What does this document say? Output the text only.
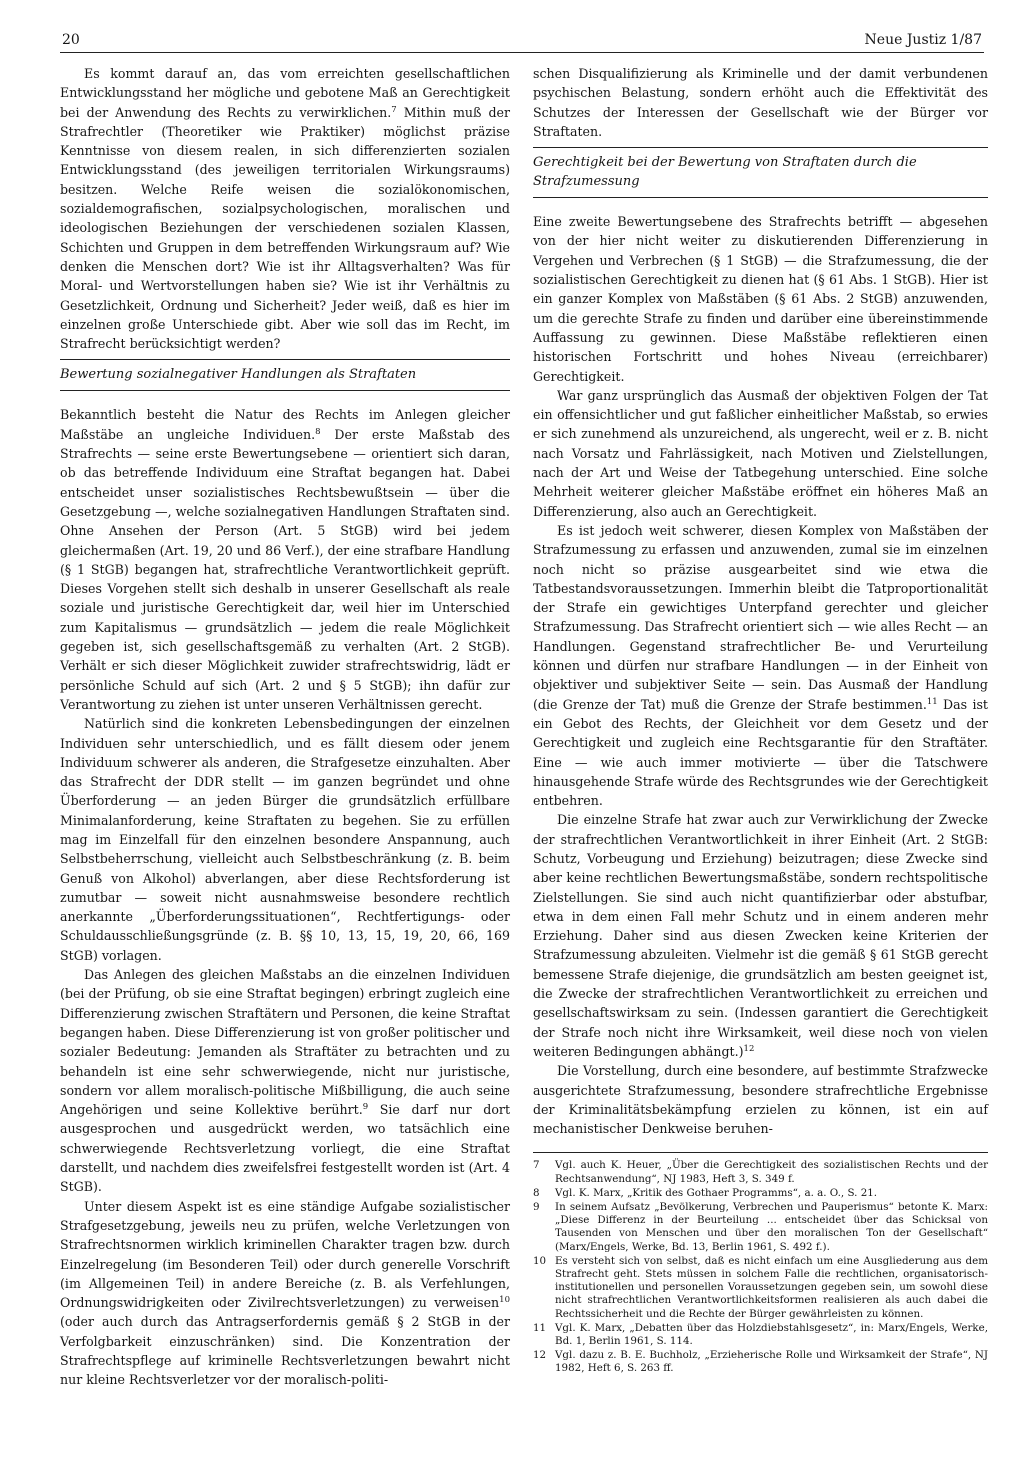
20	Neue Justiz 1/87

Es kommt darauf an, das vom erreichten gesellschaftlichen Entwicklungsstand her mögliche und gebotene Maß an Gerechtigkeit bei der Anwendung des Rechts zu verwirklichen.$^7$ Mithin muß der Strafrechtler (Theoretiker wie Praktiker) möglichst präzise Kenntnisse von diesem realen, in sich differenzierten sozialen Entwicklungsstand (des jeweiligen territorialen Wirkungsraums) besitzen. Welche Reife weisen die sozialökonomischen, sozialdemografischen, sozialpsychologischen, moralischen und ideologischen Beziehungen der verschiedenen sozialen Klassen, Schichten und Gruppen in dem betreffenden Wirkungsraum auf? Wie denken die Menschen dort? Wie ist ihr Alltagsverhalten? Was für Moral- und Wertvorstellungen haben sie? Wie ist ihr Verhältnis zu Gesetzlichkeit, Ordnung und Sicherheit? Jeder weiß, daß es hier im einzelnen große Unterschiede gibt. Aber wie soll das im Recht, im Strafrecht berücksichtigt werden?

Bewertung sozialnegativer Handlungen als Straftaten

Bekanntlich besteht die Natur des Rechts im Anlegen gleicher Maßstäbe an ungleiche Individuen.$^8$ Der erste Maßstab des Strafrechts — seine erste Bewertungsebene — orientiert sich daran, ob das betreffende Individuum eine Straftat begangen hat. Dabei entscheidet unser sozialistisches Rechtsbewußtsein — über die Gesetzgebung —, welche sozialnegativen Handlungen Straftaten sind. Ohne Ansehen der Person (Art. 5 StGB) wird bei jedem gleichermaßen (Art. 19, 20 und 86 Verf.), der eine strafbare Handlung (§ 1 StGB) begangen hat, strafrechtliche Verantwortlichkeit geprüft. Dieses Vorgehen stellt sich deshalb in unserer Gesellschaft als reale soziale und juristische Gerechtigkeit dar, weil hier im Unterschied zum Kapitalismus — grundsätzlich — jedem die reale Möglichkeit gegeben ist, sich gesellschaftsgemäß zu verhalten (Art. 2 StGB). Verhält er sich dieser Möglichkeit zuwider strafrechtswidrig, lädt er persönliche Schuld auf sich (Art. 2 und § 5 StGB); ihn dafür zur Verantwortung zu ziehen ist unter unseren Verhältnissen gerecht.

Natürlich sind die konkreten Lebensbedingungen der einzelnen Individuen sehr unterschiedlich, und es fällt diesem oder jenem Individuum schwerer als anderen, die Strafgesetze einzuhalten. Aber das Strafrecht der DDR stellt — im ganzen begründet und ohne Überforderung — an jeden Bürger die grundsätzlich erfüllbare Minimalanforderung, keine Straftaten zu begehen. Sie zu erfüllen mag im Einzelfall für den einzelnen besondere Anspannung, auch Selbstbeherrschung, vielleicht auch Selbstbeschränkung (z. B. beim Genuß von Alkohol) abverlangen, aber diese Rechtsforderung ist zumutbar — soweit nicht ausnahmsweise besondere rechtlich anerkannte „Überforderungssituationen“, Rechtfertigungs- oder Schuldausschließungsgründe (z. B. §§ 10, 13, 15, 19, 20, 66, 169 StGB) vorlagen.

Das Anlegen des gleichen Maßstabs an die einzelnen Individuen (bei der Prüfung, ob sie eine Straftat begingen) erbringt zugleich eine Differenzierung zwischen Straftätern und Personen, die keine Straftat begangen haben. Diese Differenzierung ist von großer politischer und sozialer Bedeutung: Jemanden als Straftäter zu betrachten und zu behandeln ist eine sehr schwerwiegende, nicht nur juristische, sondern vor allem moralisch-politische Mißbilligung, die auch seine Angehörigen und seine Kollektive berührt.$^9$ Sie darf nur dort ausgesprochen und ausgedrückt werden, wo tatsächlich eine schwerwiegende Rechtsverletzung vorliegt, die eine Straftat darstellt, und nachdem dies zweifelsfrei festgestellt worden ist (Art. 4 StGB).

Unter diesem Aspekt ist es eine ständige Aufgabe sozialistischer Strafgesetzgebung, jeweils neu zu prüfen, welche Verletzungen von Strafrechtsnormen wirklich kriminellen Charakter tragen bzw. durch Einzelregelung (im Besonderen Teil) oder durch generelle Vorschrift (im Allgemeinen Teil) in andere Bereiche (z. B. als Verfehlungen, Ordnungswidrigkeiten oder Zivilrechtsverletzungen) zu verweisen$^{10}$ (oder auch durch das Antragserfordernis gemäß § 2 StGB in der Verfolgbarkeit einzuschränken) sind. Die Konzentration der Strafrechtspflege auf kriminelle Rechtsverletzungen bewahrt nicht nur kleine Rechtsverletzer vor der moralisch-politi-

schen Disqualifizierung als Kriminelle und der damit verbundenen psychischen Belastung, sondern erhöht auch die Effektivität des Schutzes der Interessen der Gesellschaft wie der Bürger vor Straftaten.

Gerechtigkeit bei der Bewertung von Straftaten durch die Strafzumessung

Eine zweite Bewertungsebene des Strafrechts betrifft — abgesehen von der hier nicht weiter zu diskutierenden Differenzierung in Vergehen und Verbrechen (§ 1 StGB) — die Strafzumessung, die der sozialistischen Gerechtigkeit zu dienen hat (§ 61 Abs. 1 StGB). Hier ist ein ganzer Komplex von Maßstäben (§ 61 Abs. 2 StGB) anzuwenden, um die gerechte Strafe zu finden und darüber eine übereinstimmende Auffassung zu gewinnen. Diese Maßstäbe reflektieren einen historischen Fortschritt und hohes Niveau (erreichbarer) Gerechtigkeit.

War ganz ursprünglich das Ausmaß der objektiven Folgen der Tat ein offensichtlicher und gut faßlicher einheitlicher Maßstab, so erwies er sich zunehmend als unzureichend, als ungerecht, weil er z. B. nicht nach Vorsatz und Fahrlässigkeit, nach Motiven und Zielstellungen, nach der Art und Weise der Tatbegehung unterschied. Eine solche Mehrheit weiterer gleicher Maßstäbe eröffnet ein höheres Maß an Differenzierung, also auch an Gerechtigkeit.

Es ist jedoch weit schwerer, diesen Komplex von Maßstäben der Strafzumessung zu erfassen und anzuwenden, zumal sie im einzelnen noch nicht so präzise ausgearbeitet sind wie etwa die Tatbestandsvoraussetzungen. Immerhin bleibt die Tatproportionalität der Strafe ein gewichtiges Unterpfand gerechter und gleicher Strafzumessung. Das Strafrecht orientiert sich — wie alles Recht — an Handlungen. Gegenstand strafrechtlicher Be- und Verurteilung können und dürfen nur strafbare Handlungen — in der Einheit von objektiver und subjektiver Seite — sein. Das Ausmaß der Handlung (die Grenze der Tat) muß die Grenze der Strafe bestimmen.$^{11}$ Das ist ein Gebot des Rechts, der Gleichheit vor dem Gesetz und der Gerechtigkeit und zugleich eine Rechtsgarantie für den Straftäter. Eine — wie auch immer motivierte — über die Tatschwere hinausgehende Strafe würde des Rechtsgrundes wie der Gerechtigkeit entbehren.

Die einzelne Strafe hat zwar auch zur Verwirklichung der Zwecke der strafrechtlichen Verantwortlichkeit in ihrer Einheit (Art. 2 StGB: Schutz, Vorbeugung und Erziehung) beizutragen; diese Zwecke sind aber keine rechtlichen Bewertungsmaßstäbe, sondern rechtspolitische Zielstellungen. Sie sind auch nicht quantifizierbar oder abstufbar, etwa in dem einen Fall mehr Schutz und in einem anderen mehr Erziehung. Daher sind aus diesen Zwecken keine Kriterien der Strafzumessung abzuleiten. Vielmehr ist die gemäß § 61 StGB gerecht bemessene Strafe diejenige, die grundsätzlich am besten geeignet ist, die Zwecke der strafrechtlichen Verantwortlichkeit zu erreichen und gesellschaftswirksam zu sein. (Indessen garantiert die Gerechtigkeit der Strafe noch nicht ihre Wirksamkeit, weil diese noch von vielen weiteren Bedingungen abhängt.)$^{12}$

Die Vorstellung, durch eine besondere, auf bestimmte Strafzwecke ausgerichtete Strafzumessung, besondere strafrechtliche Ergebnisse der Kriminalitätsbekämpfung erzielen zu können, ist ein auf mechanistischer Denkweise beruhen-

7	Vgl. auch K. Heuer, „Über die Gerechtigkeit des sozialistischen Rechts und der Rechtsanwendung“, NJ 1983, Heft 3, S. 349 f.
8	Vgl. K. Marx, „Kritik des Gothaer Programms“, a. a. O., S. 21.
9	In seinem Aufsatz „Bevölkerung, Verbrechen und Pauperismus“ betonte K. Marx: „Diese Differenz in der Beurteilung ... entscheidet über das Schicksal von Tausenden von Menschen und über den moralischen Ton der Gesellschaft“ (Marx/Engels, Werke, Bd. 13, Berlin 1961, S. 492 f.).
10 Es versteht sich von selbst, daß es nicht einfach um eine Ausgliederung aus dem Strafrecht geht. Stets müssen in solchem Falle die rechtlichen, organisatorisch-institutionellen und personellen Voraussetzungen gegeben sein, um sowohl diese nicht strafrechtlichen Verantwortlichkeitsformen realisieren als auch dabei die Rechtssicherheit und die Rechte der Bürger gewährleisten zu können.
11 Vgl. K. Marx, „Debatten über das Holzdiebstahlsgesetz“, in: Marx/Engels, Werke, Bd. 1, Berlin 1961, S. 114.
12 Vgl. dazu z. B. E. Buchholz, „Erzieherische Rolle und Wirksamkeit der Strafe“, NJ 1982, Heft 6, S. 263 ff.
